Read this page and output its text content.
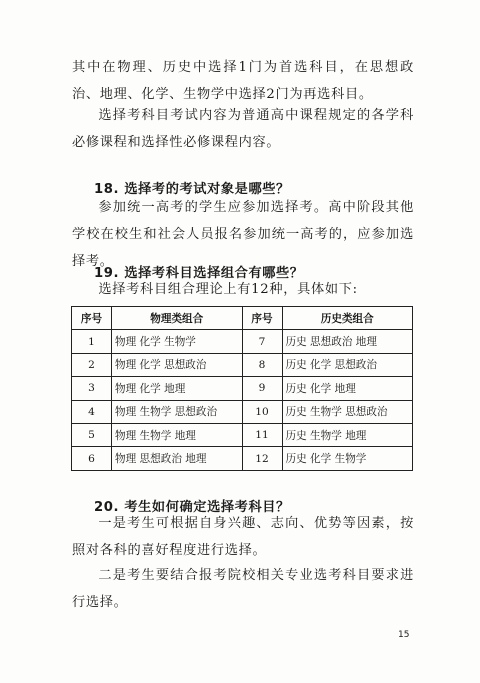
其中在物理、历史中选择1门为首选科目，在思想政治、地理、化学、生物学中选择2门为再选科目。

选择考科目考试内容为普通高中课程规定的各学科必修课程和选择性必修课程内容。

18. 选择考的考试对象是哪些？

参加统一高考的学生应参加选择考。高中阶段其他学校在校生和社会人员报名参加统一高考的，应参加选择考。

19. 选择考科目选择组合有哪些？

选择考科目组合理论上有12种，具体如下:

序号	物理类组合	序号	历史类组合
1	物理 化学 生物学	7	历史 思想政治 地理
2	物理 化学 思想政治	8	历史 化学 思想政治
3	物理 化学 地理	9	历史 化学 地理
4	物理 生物学 思想政治	10	历史 生物学 思想政治
5	物理 生物学 地理	11	历史 生物学 地理
6	物理 思想政治 地理	12	历史 化学 生物学

20. 考生如何确定选择考科目？

一是考生可根据自身兴趣、志向、优势等因素，按照对各科的喜好程度进行选择。

二是考生要结合报考院校相关专业选考科目要求进行选择。

15
